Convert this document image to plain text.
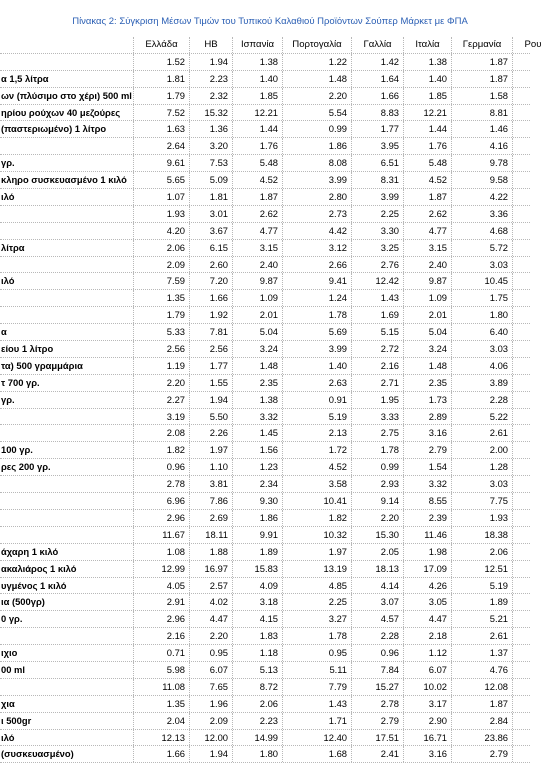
Πίνακας 2: Σύγκριση Μέσων Τιμών του Τυπικού Καλαθιού Προϊόντων Σούπερ Μάρκετ με ΦΠΑ
Ελλάδα	ΗΒ	Ισπανία	Πορτογαλία	Γαλλία	Ιταλία	Γερμανία	Ρου
1.52	1.94	1.38	1.22	1.42	1.38	1.87
α 1,5 λίτρα	1.81	2.23	1.40	1.48	1.64	1.40	1.87
ων (πλύσιμο στο χέρι) 500 ml	1.79	2.32	1.85	2.20	1.66	1.85	1.58
ηρίου ρούχων 40 μεζούρες	7.52	15.32	12.21	5.54	8.83	12.21	8.81
(παστεριωμένο) 1 λίτρο	1.63	1.36	1.44	0.99	1.77	1.44	1.46
2.64	3.20	1.76	1.86	3.95	1.76	4.16
γρ.	9.61	7.53	5.48	8.08	6.51	5.48	9.78
κληρο συσκευασμένο 1 κιλό	5.65	5.09	4.52	3.99	8.31	4.52	9.58
ιλό	1.07	1.81	1.87	2.80	3.99	1.87	4.22
1.93	3.01	2.62	2.73	2.25	2.62	3.36
4.20	3.67	4.77	4.42	3.30	4.77	4.68
λίτρα	2.06	6.15	3.15	3.12	3.25	3.15	5.72
2.09	2.60	2.40	2.66	2.76	2.40	3.03
ιλό	7.59	7.20	9.87	9.41	12.42	9.87	10.45
1.35	1.66	1.09	1.24	1.43	1.09	1.75
1.79	1.92	2.01	1.78	1.69	2.01	1.80
α	5.33	7.81	5.04	5.69	5.15	5.04	6.40
είου 1 λίτρο	2.56	2.56	3.24	3.99	2.72	3.24	3.03
τα) 500 γραμμάρια	1.19	1.77	1.48	1.40	2.16	1.48	4.06
τ 700 γρ.	2.20	1.55	2.35	2.63	2.71	2.35	3.89
γρ.	2.27	1.94	1.38	0.91	1.95	1.73	2.28
3.19	5.50	3.32	5.19	3.33	2.89	5.22
2.08	2.26	1.45	2.13	2.75	3.16	2.61
100 γρ.	1.82	1.97	1.56	1.72	1.78	2.79	2.00
ρες 200 γρ.	0.96	1.10	1.23	4.52	0.99	1.54	1.28
2.78	3.81	2.34	3.58	2.93	3.32	3.03
6.96	7.86	9.30	10.41	9.14	8.55	7.75
2.96	2.69	1.86	1.82	2.20	2.39	1.93
11.67	18.11	9.91	10.32	15.30	11.46	18.38
άχαρη 1 κιλό	1.08	1.88	1.89	1.97	2.05	1.98	2.06
ακαλιάρος 1 κιλό	12.99	16.97	15.83	13.19	18.13	17.09	12.51
υγμένος 1 κιλό	4.05	2.57	4.09	4.85	4.14	4.26	5.19
ια (500γρ)	2.91	4.02	3.18	2.25	3.07	3.05	1.89
0 γρ.	2.96	4.47	4.15	3.27	4.57	4.47	5.21
2.16	2.20	1.83	1.78	2.28	2.18	2.61
ιχιο	0.71	0.95	1.18	0.95	0.96	1.12	1.37
00 ml	5.98	6.07	5.13	5.11	7.84	6.07	4.76
11.08	7.65	8.72	7.79	15.27	10.02	12.08
χια	1.35	1.96	2.06	1.43	2.78	3.17	1.87
ι 500gr	2.04	2.09	2.23	1.71	2.79	2.90	2.84
ιλό	12.13	12.00	14.99	12.40	17.51	16.71	23.86
(συσκευασμένο)	1.66	1.94	1.80	1.68	2.41	3.16	2.79
